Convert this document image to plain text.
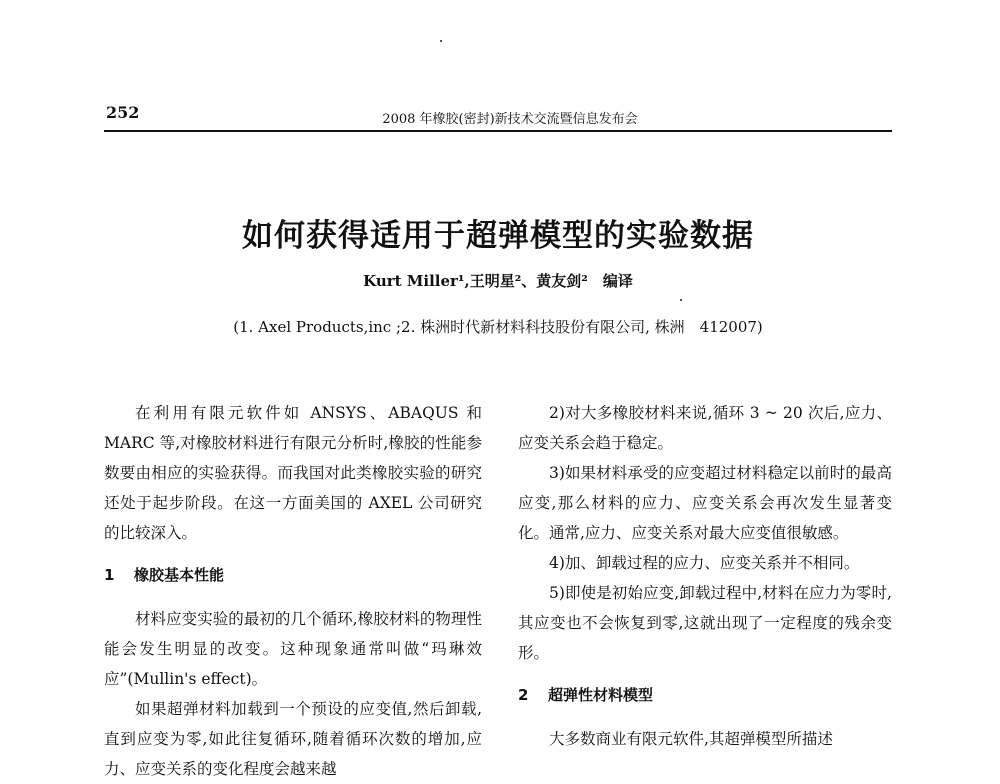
252	2008 年橡胶(密封)新技术交流暨信息发布会
如何获得适用于超弹模型的实验数据
Kurt Miller¹,王明星²、黄友剑²　编译
(1. Axel Products,inc ;2. 株洲时代新材料科技股份有限公司, 株洲　412007)

在利用有限元软件如 ANSYS、ABAQUS 和 MARC 等,对橡胶材料进行有限元分析时,橡胶的性能参数要由相应的实验获得。而我国对此类橡胶实验的研究还处于起步阶段。在这一方面美国的 AXEL 公司研究的比较深入。

1 橡胶基本性能

材料应变实验的最初的几个循环,橡胶材料的物理性能会发生明显的改变。这种现象通常叫做“玛琳效应”(Mullin's effect)。

如果超弹材料加载到一个预设的应变值,然后卸载,直到应变为零,如此往复循环,随着循环次数的增加,应力、应变关系的变化程度会越来越

2)对大多橡胶材料来说,循环 3 ~ 20 次后,应力、应变关系会趋于稳定。

3)如果材料承受的应变超过材料稳定以前时的最高应变,那么材料的应力、应变关系会再次发生显著变化。通常,应力、应变关系对最大应变值很敏感。

4)加、卸载过程的应力、应变关系并不相同。

5)即使是初始应变,卸载过程中,材料在应力为零时,其应变也不会恢复到零,这就出现了一定程度的残余变形。

2 超弹性材料模型

大多数商业有限元软件,其超弹模型所描述
